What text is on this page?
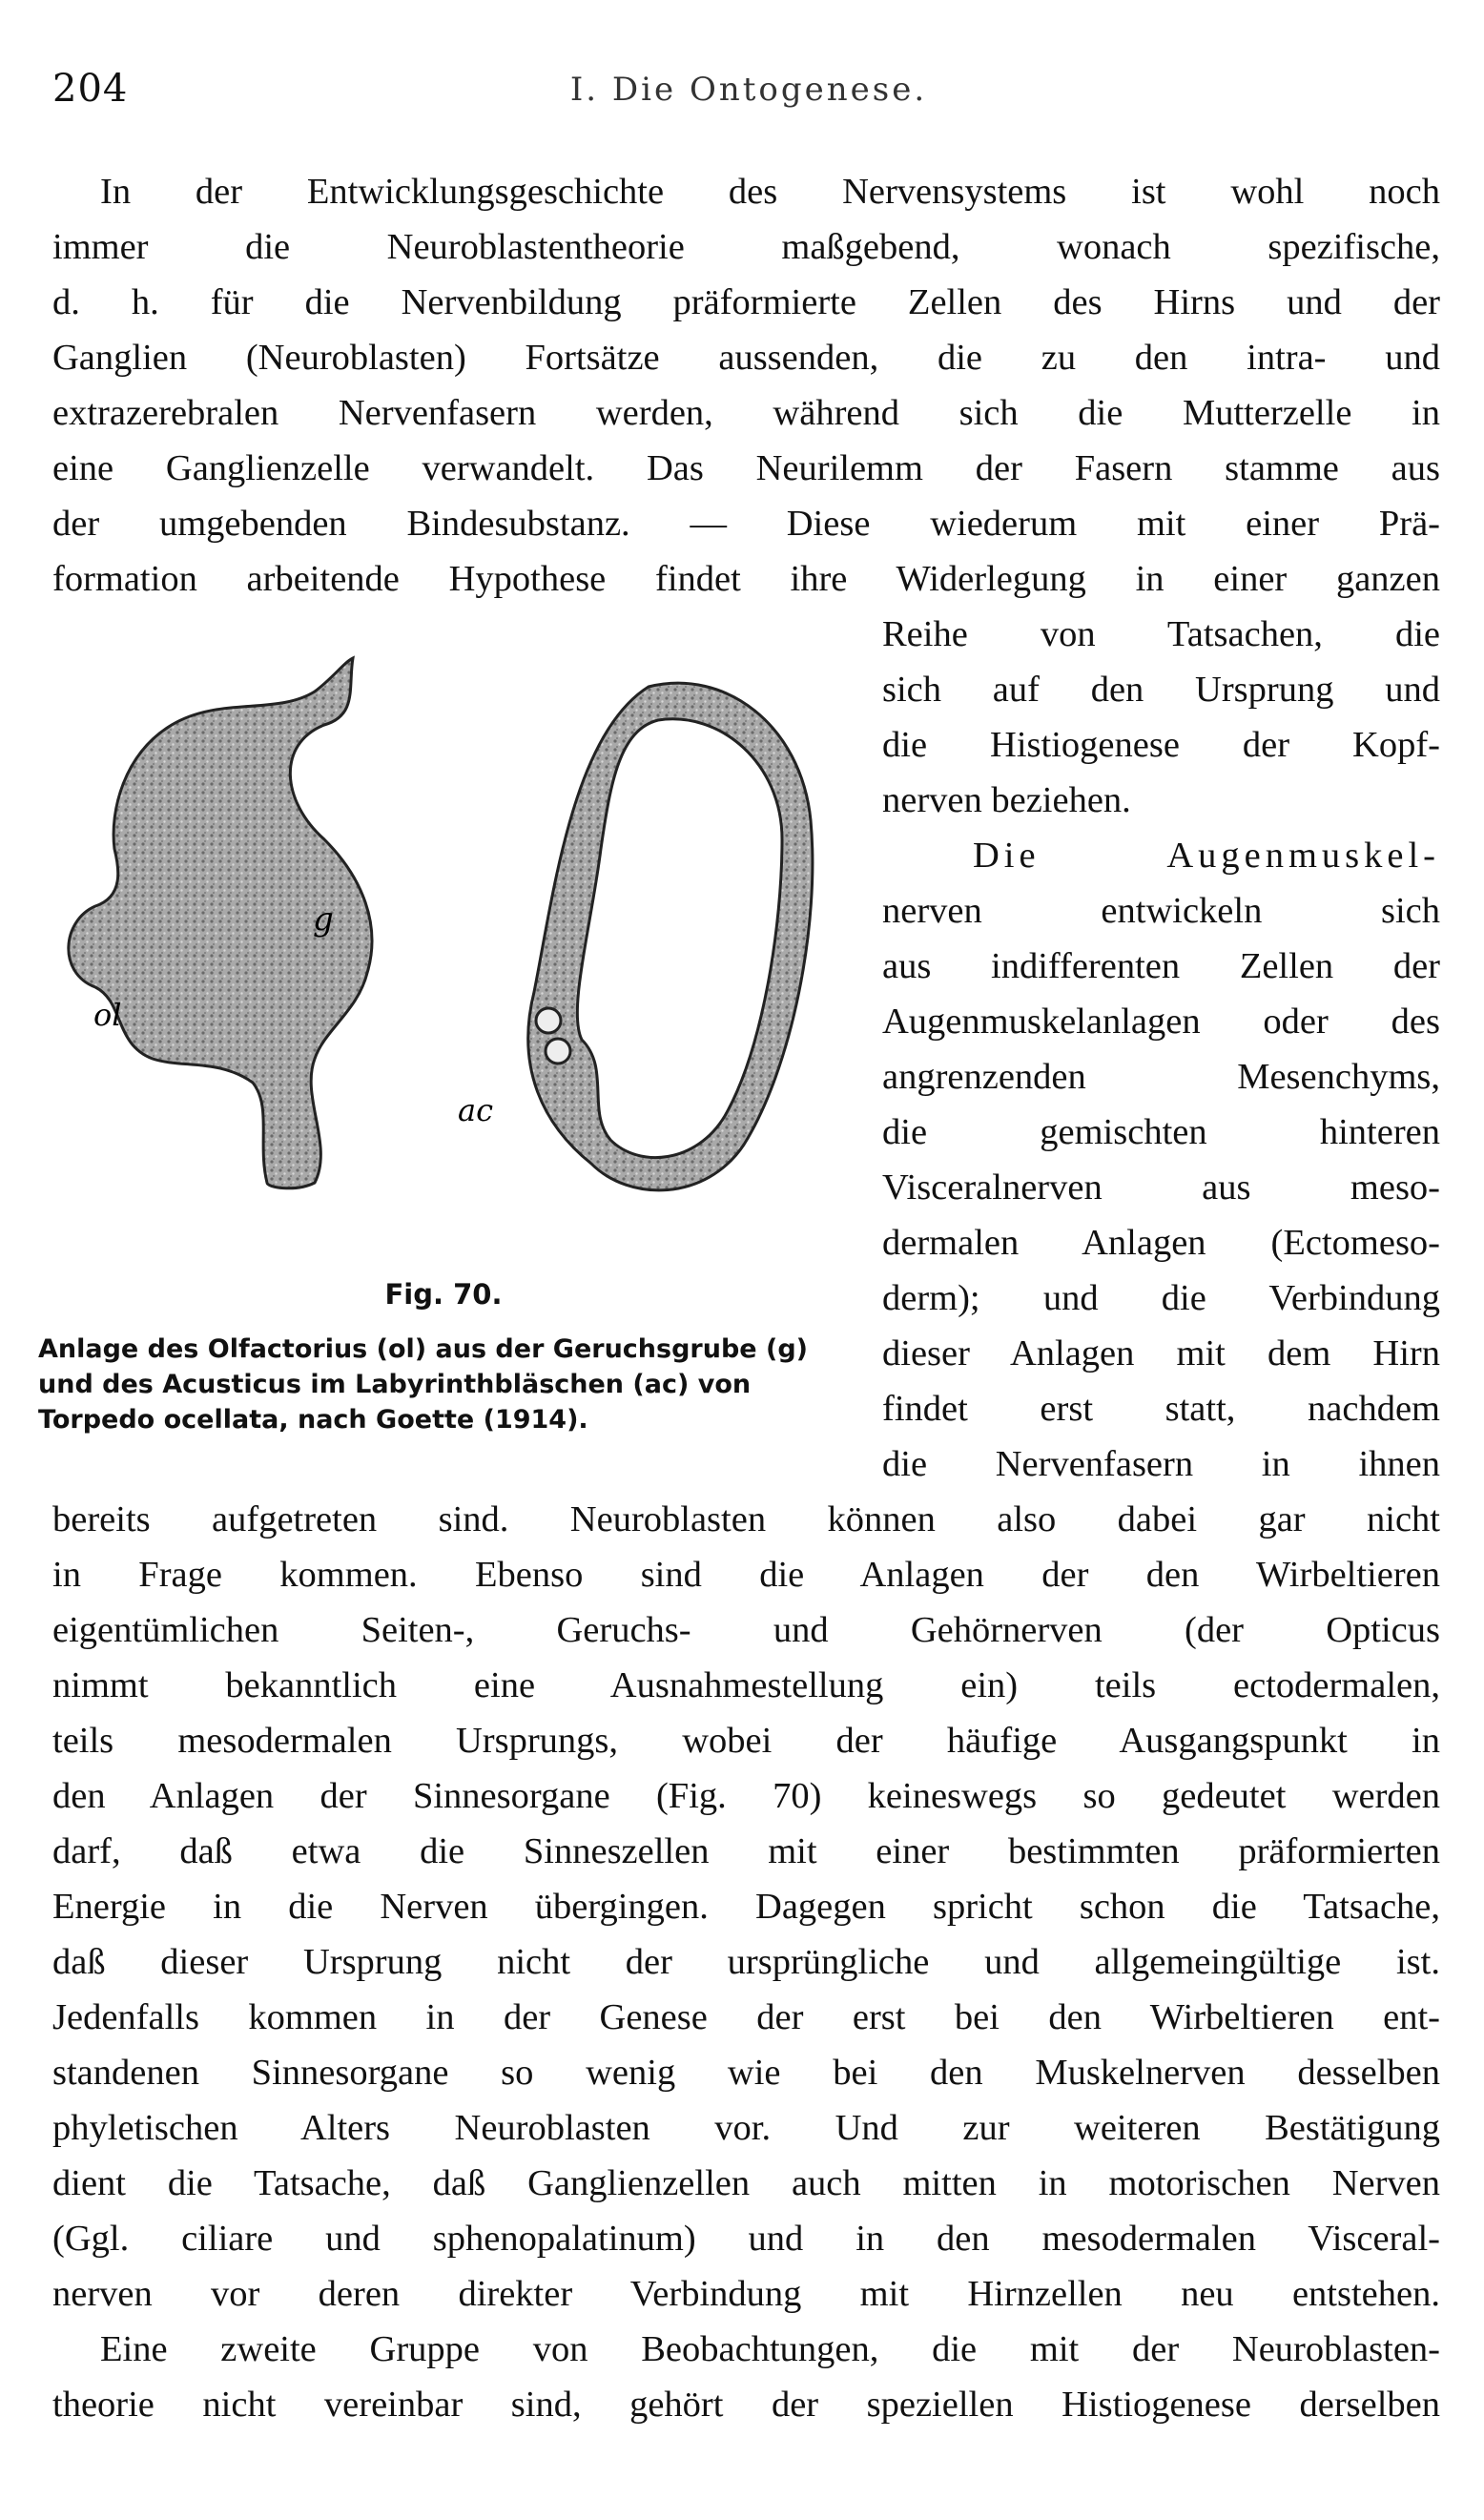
204	I. Die Ontogenese.
In der Entwicklungsgeschichte des Nervensystems ist wohl noch
immer die Neuroblastentheorie maßgebend, wonach spezifische,
d. h. für die Nervenbildung präformierte Zellen des Hirns und der
Ganglien (Neuroblasten) Fortsätze aussenden, die zu den intra- und
extrazerebralen Nervenfasern werden, während sich die Mutterzelle in
eine Ganglienzelle verwandelt. Das Neurilemm der Fasern stamme aus
der umgebenden Bindesubstanz. — Diese wiederum mit einer Prä-
formation arbeitende Hypothese findet ihre Widerlegung in einer ganzen
Reihe von Tatsachen, die
sich auf den Ursprung und
die Histiogenese der Kopf-
nerven beziehen.
Die Augenmuskel-
nerven entwickeln sich
aus indifferenten Zellen der
Augenmuskelanlagen oder des
angrenzenden Mesenchyms,
die gemischten hinteren
Visceralnerven aus meso-
dermalen Anlagen (Ectomeso-
derm); und die Verbindung
dieser Anlagen mit dem Hirn
findet erst statt, nachdem
die Nervenfasern in ihnen
g
ol
ac
Fig. 70.
Anlage des Olfactorius (ol) aus der Geruchsgrube (g)
und des Acusticus im Labyrinthbläschen (ac) von
Torpedo ocellata, nach Goette (1914).
bereits aufgetreten sind. Neuroblasten können also dabei gar nicht
in Frage kommen. Ebenso sind die Anlagen der den Wirbeltieren
eigentümlichen Seiten-, Geruchs- und Gehörnerven (der Opticus
nimmt bekanntlich eine Ausnahmestellung ein) teils ectodermalen,
teils mesodermalen Ursprungs, wobei der häufige Ausgangspunkt in
den Anlagen der Sinnesorgane (Fig. 70) keineswegs so gedeutet werden
darf, daß etwa die Sinneszellen mit einer bestimmten präformierten
Energie in die Nerven übergingen. Dagegen spricht schon die Tatsache,
daß dieser Ursprung nicht der ursprüngliche und allgemeingültige ist.
Jedenfalls kommen in der Genese der erst bei den Wirbeltieren ent-
standenen Sinnesorgane so wenig wie bei den Muskelnerven desselben
phyletischen Alters Neuroblasten vor. Und zur weiteren Bestätigung
dient die Tatsache, daß Ganglienzellen auch mitten in motorischen Nerven
(Ggl. ciliare und sphenopalatinum) und in den mesodermalen Visceral-
nerven vor deren direkter Verbindung mit Hirnzellen neu entstehen.
Eine zweite Gruppe von Beobachtungen, die mit der Neuroblasten-
theorie nicht vereinbar sind, gehört der speziellen Histiogenese derselben
